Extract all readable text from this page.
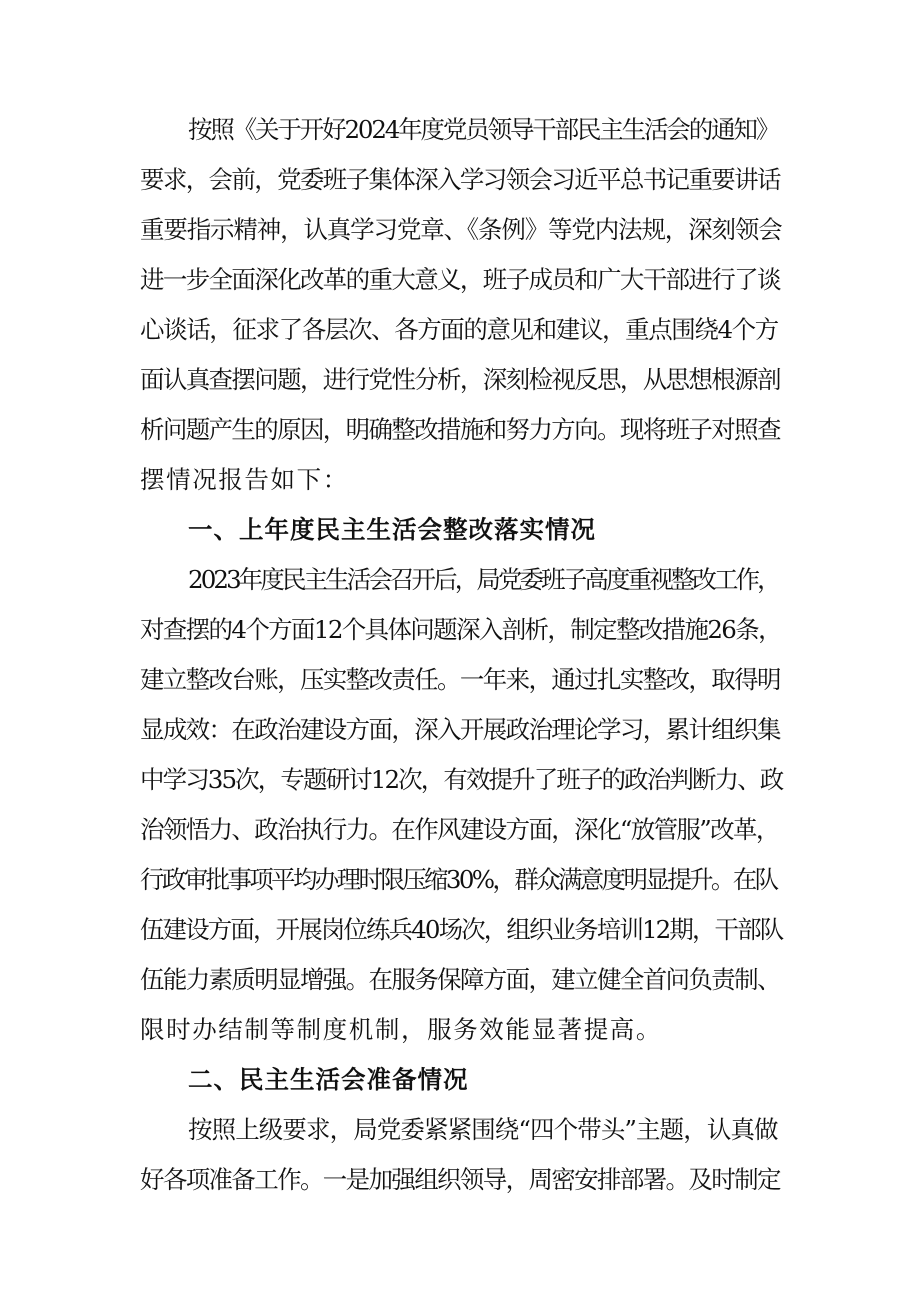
按照《关于开好2024年度党员领导干部民主生活会的通知》
要求，会前，党委班子集体深入学习领会习近平总书记重要讲话
重要指示精神，认真学习党章、《条例》等党内法规，深刻领会
进一步全面深化改革的重大意义，班子成员和广大干部进行了谈
心谈话，征求了各层次、各方面的意见和建议，重点围绕4个方
面认真查摆问题，进行党性分析，深刻检视反思，从思想根源剖
析问题产生的原因，明确整改措施和努力方向。现将班子对照查
摆情况报告如下：
一、上年度民主生活会整改落实情况
2023年度民主生活会召开后，局党委班子高度重视整改工作，
对查摆的4个方面12个具体问题深入剖析，制定整改措施26条，
建立整改台账，压实整改责任。一年来，通过扎实整改，取得明
显成效：在政治建设方面，深入开展政治理论学习，累计组织集
中学习35次，专题研讨12次，有效提升了班子的政治判断力、政
治领悟力、政治执行力。在作风建设方面，深化“放管服”改革，
行政审批事项平均办理时限压缩30%，群众满意度明显提升。在队
伍建设方面，开展岗位练兵40场次，组织业务培训12期，干部队
伍能力素质明显增强。在服务保障方面，建立健全首问负责制、
限时办结制等制度机制，服务效能显著提高。
二、民主生活会准备情况
按照上级要求，局党委紧紧围绕“四个带头”主题，认真做
好各项准备工作。一是加强组织领导，周密安排部署。及时制定
